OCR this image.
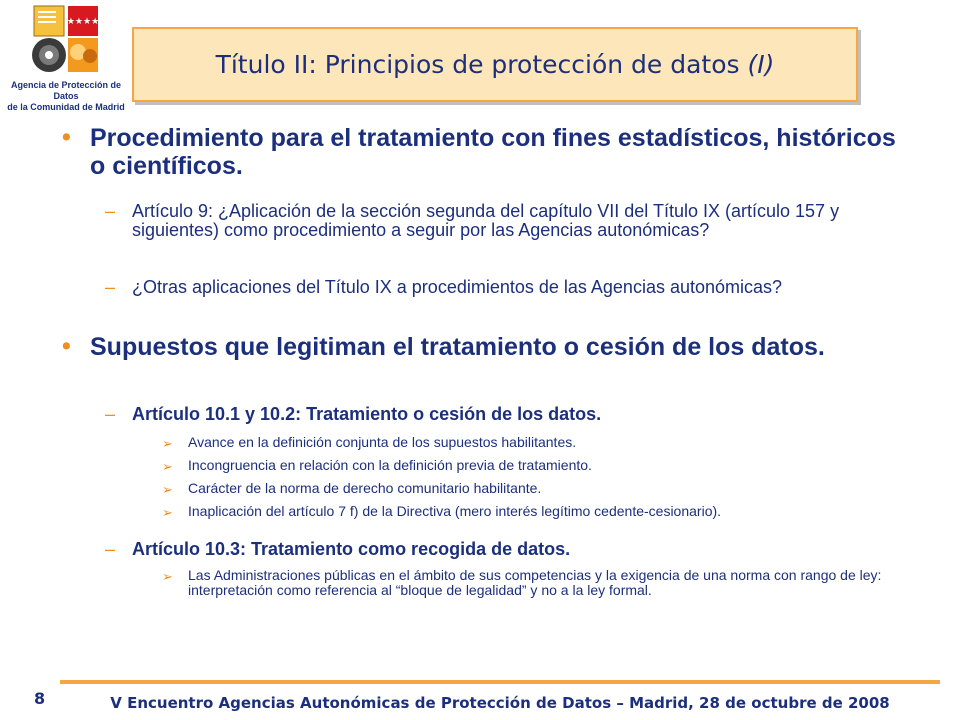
★★★★
Agencia de Protección de Datos
de la Comunidad de Madrid
Título II: Principios de protección de datos (I)
• Procedimiento para el tratamiento con fines estadísticos, históricos o científicos.
– Artículo 9: ¿Aplicación de la sección segunda del capítulo VII del Título IX (artículo 157 y siguientes) como procedimiento a seguir por las Agencias autonómicas?
– ¿Otras aplicaciones del Título IX a procedimientos de las Agencias autonómicas?
• Supuestos que legitiman el tratamiento o cesión de los datos.
– Artículo 10.1 y 10.2: Tratamiento o cesión de los datos.
➢ Avance en la definición conjunta de los supuestos habilitantes.
➢ Incongruencia en relación con la definición previa de tratamiento.
➢ Carácter de la norma de derecho comunitario habilitante.
➢ Inaplicación del artículo 7 f) de la Directiva (mero interés legítimo cedente-cesionario).
– Artículo 10.3: Tratamiento como recogida de datos.
➢ Las Administraciones públicas en el ámbito de sus competencias y la exigencia de una norma con rango de ley: interpretación como referencia al “bloque de legalidad” y no a la ley formal.
8	V Encuentro Agencias Autonómicas de Protección de Datos – Madrid, 28 de octubre de 2008
